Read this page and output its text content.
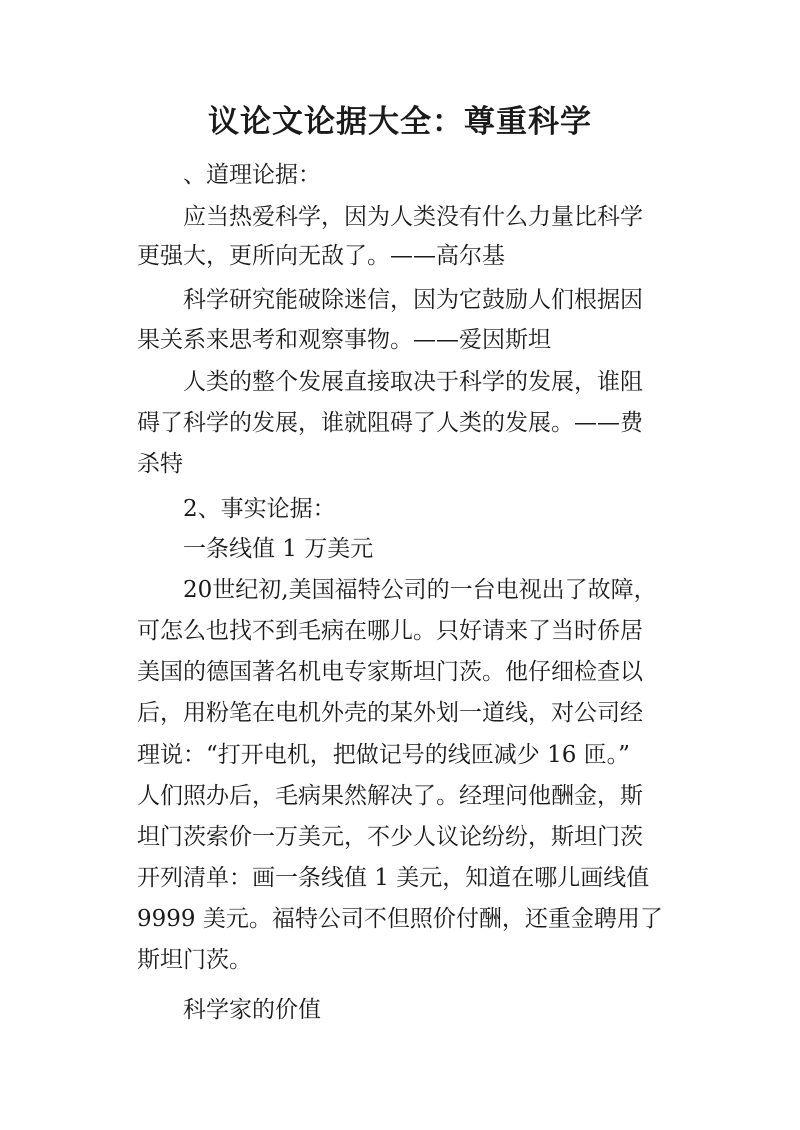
议论文论据大全：尊重科学
、道理论据：
应当热爱科学，因为人类没有什么力量比科学
更强大，更所向无敌了。——高尔基
科学研究能破除迷信，因为它鼓励人们根据因
果关系来思考和观察事物。——爱因斯坦
人类的整个发展直接取决于科学的发展，谁阻
碍了科学的发展，谁就阻碍了人类的发展。——费
杀特
2、事实论据：
一条线值 1 万美元
20世纪初,美国福特公司的一台电视出了故障，
可怎么也找不到毛病在哪儿。只好请来了当时侨居
美国的德国著名机电专家斯坦门茨。他仔细检查以
后，用粉笔在电机外壳的某外划一道线，对公司经
理说：“打开电机，把做记号的线匝减少 16 匝。”
人们照办后，毛病果然解决了。经理问他酬金，斯
坦门茨索价一万美元，不少人议论纷纷，斯坦门茨
开列清单：画一条线值 1 美元，知道在哪儿画线值
9999 美元。福特公司不但照价付酬，还重金聘用了
斯坦门茨。
科学家的价值
